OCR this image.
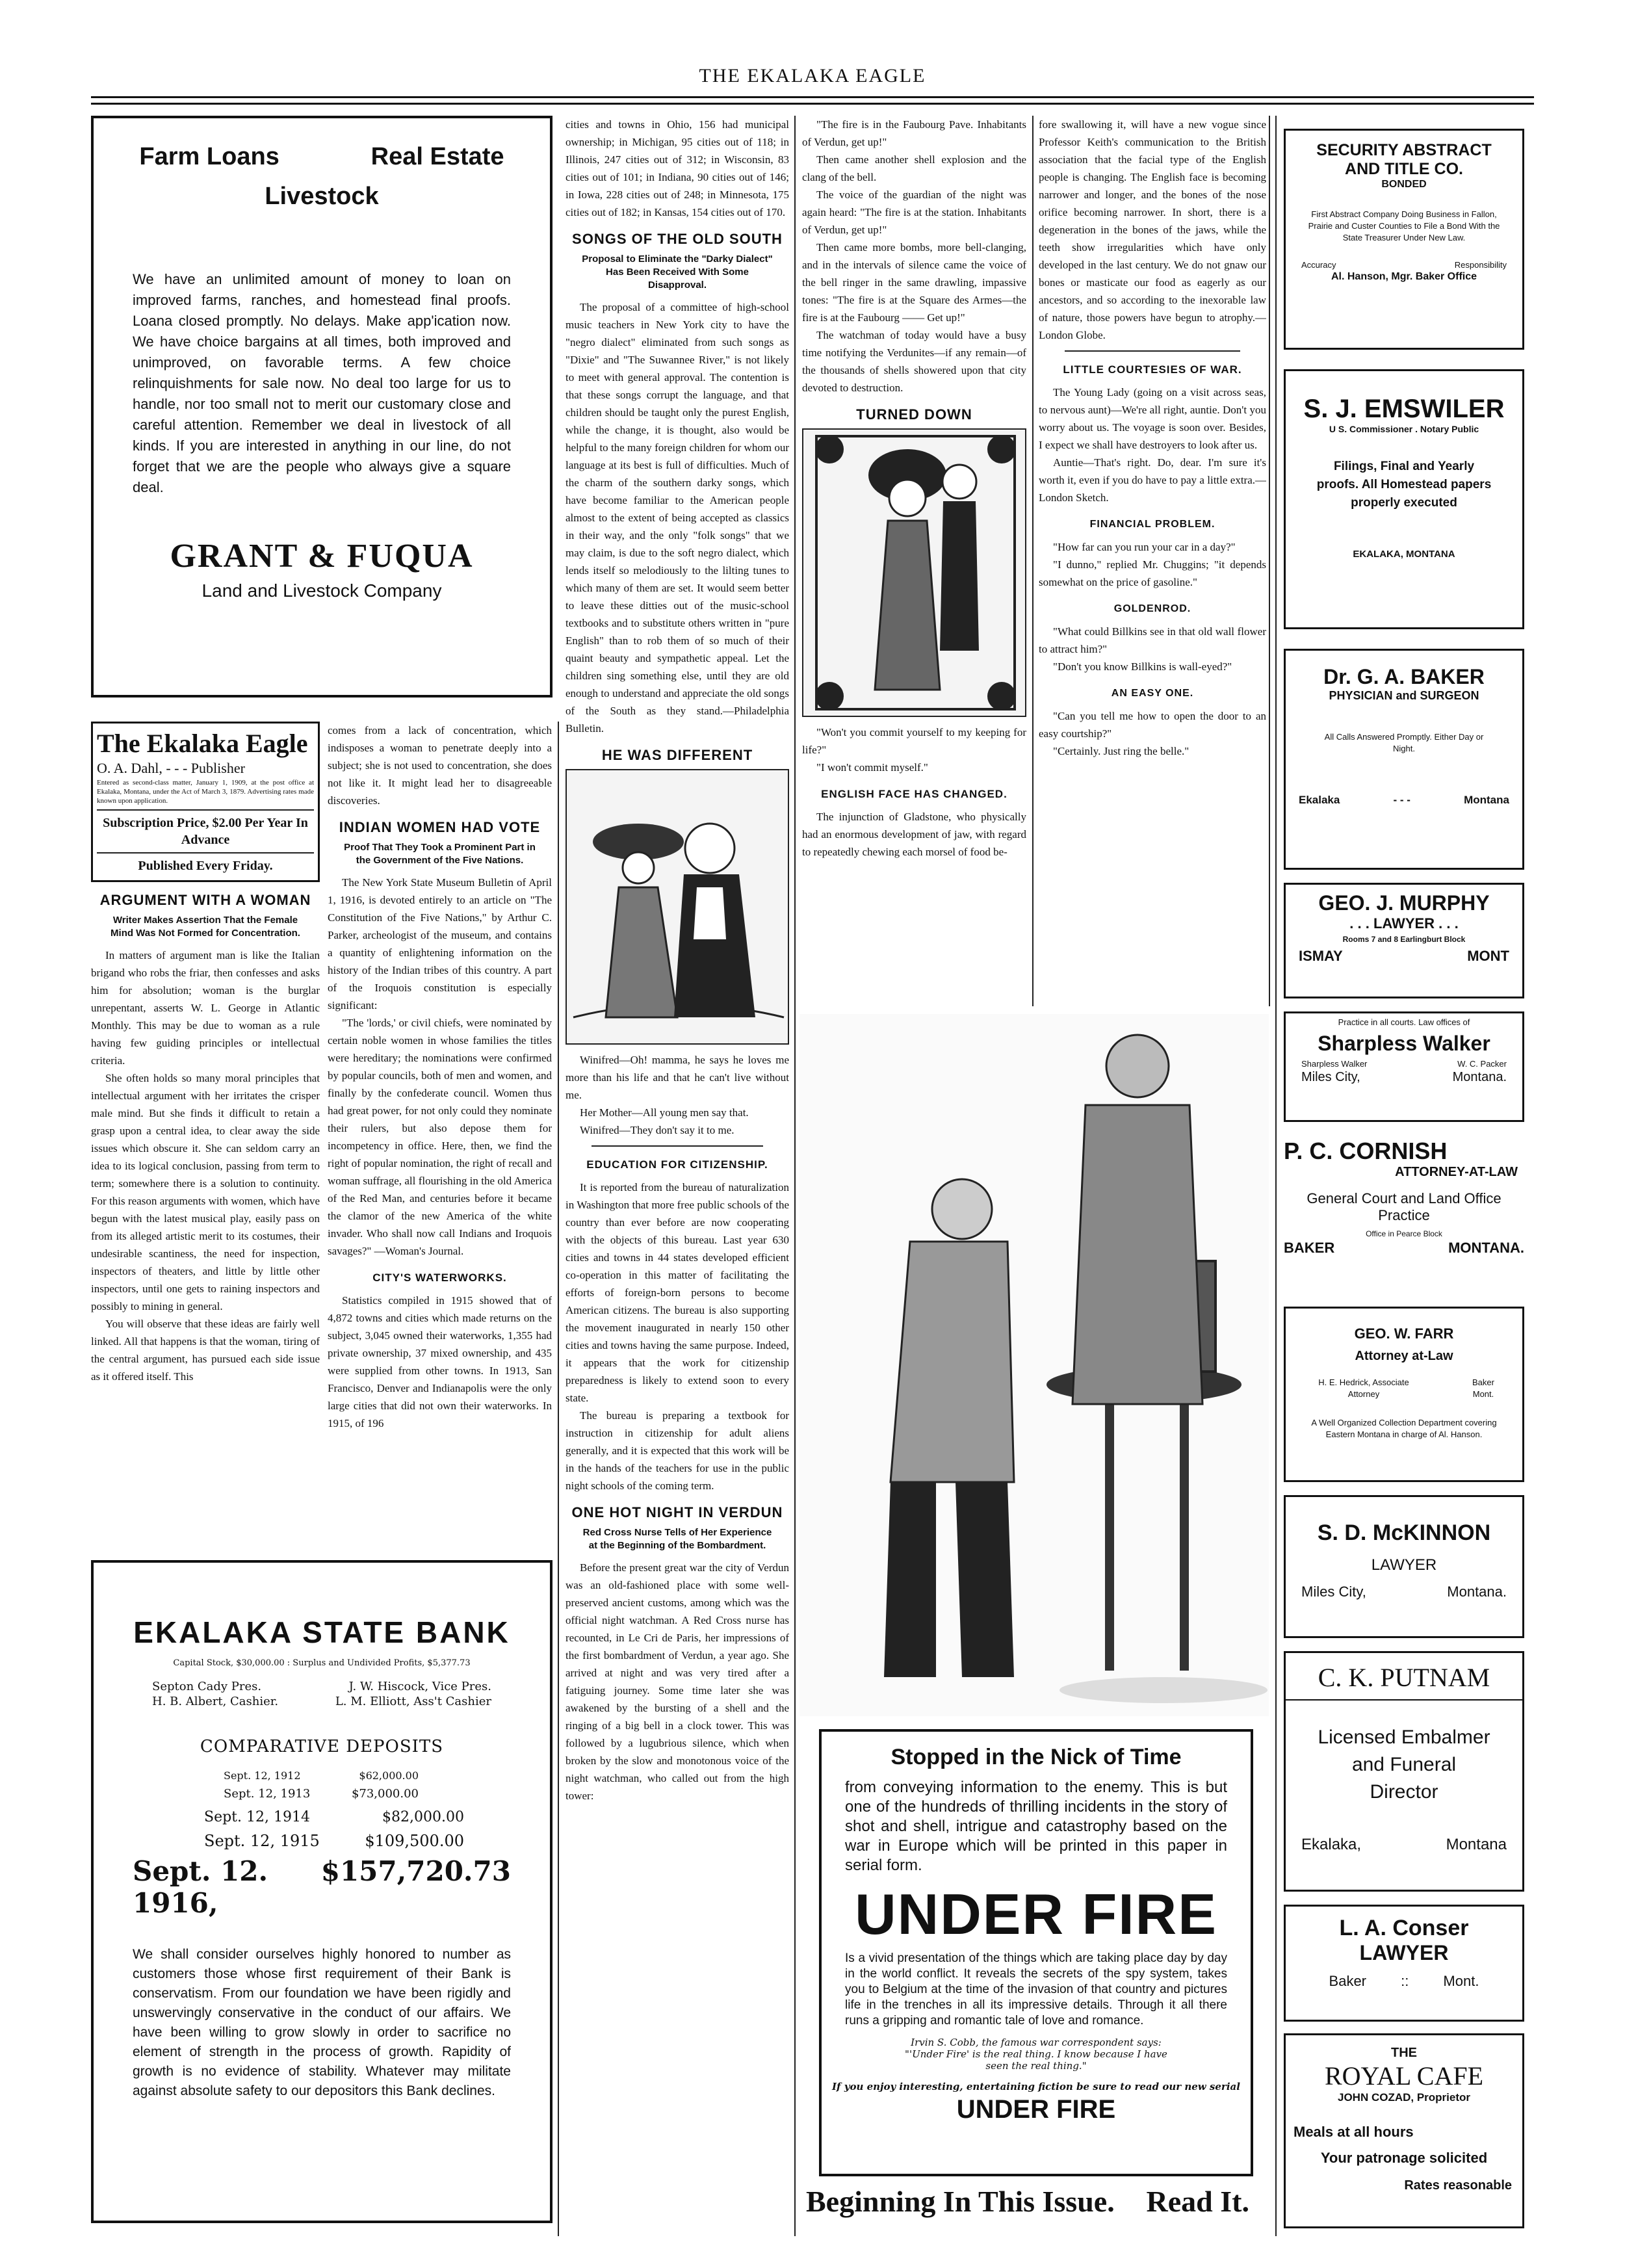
THE EKALAKA EAGLE
Farm Loans	Real Estate
Livestock
We have an unlimited amount of money to loan on improved farms, ranches, and homestead final proofs. Loana closed promptly. No delays. Make app'ication now. We have choice bargains at all times, both improved and unimproved, on favorable terms. A few choice relinquishments for sale now. No deal too large for us to handle, nor too small not to merit our customary close and careful attention. Remember we deal in livestock of all kinds. If you are interested in anything in our line, do not forget that we are the people who always give a square deal.
GRANT & FUQUA
Land and Livestock Company
The Ekalaka Eagle
O. A. Dahl, - - - Publisher
Entered as second-class matter, January 1, 1909, at the post office at Ekalaka, Montana, under the Act of March 3, 1879. Advertising rates made known upon application.
Subscription Price, $2.00 Per Year In Advance
Published Every Friday.
ARGUMENT WITH A WOMAN
Writer Makes Assertion That the Female Mind Was Not Formed for Concentration.

In matters of argument man is like the Italian brigand who robs the friar, then confesses and asks him for absolution; woman is the burglar unrepentant, asserts W. L. George in Atlantic Monthly. This may be due to woman as a rule having few guiding principles or intellectual criteria.

She often holds so many moral principles that intellectual argument with her irritates the crisper male mind. But she finds it difficult to retain a grasp upon a central idea, to clear away the side issues which obscure it. She can seldom carry an idea to its logical conclusion, passing from term to term; somewhere there is a solution to continuity. For this reason arguments with women, which have begun with the latest musical play, easily pass on from its alleged artistic merit to its costumes, their undesirable scantiness, the need for inspection, inspectors of theaters, and little by little other inspectors, until one gets to raining inspectors and possibly to mining in general.

You will observe that these ideas are fairly well linked. All that happens is that the woman, tiring of the central argument, has pursued each side issue as it offered itself. This

EKALAKA STATE BANK
Capital Stock, $30,000.00 : Surplus and Undivided Profits, $5,377.73
Septon Cady Pres.	J. W. Hiscock, Vice Pres.
H. B. Albert, Cashier.	L. M. Elliott, Ass't Cashier
COMPARATIVE DEPOSITS
Sept. 12, 1912	$62,000.00
Sept. 12, 1913	$73,000.00
Sept. 12, 1914	$82,000.00
Sept. 12, 1915	$109,500.00
Sept. 12. 1916,
$157,720.73
We shall consider ourselves highly honored to number as customers those whose first requirement of their Bank is conservatism. From our foundation we have been rigidly and unswervingly conservative in the conduct of our affairs. We have been willing to grow slowly in order to sacrifice no element of strength in the process of growth. Rapidity of growth is no evidence of stability. Whatever may militate against absolute safety to our depositors this Bank declines.

comes from a lack of concentration, which indisposes a woman to penetrate deeply into a subject; she is not used to concentration, she does not like it. It might lead her to disagreeable discoveries.

INDIAN WOMEN HAD VOTE
Proof That They Took a Prominent Part in the Government of the Five Nations.

The New York State Museum Bulletin of April 1, 1916, is devoted entirely to an article on "The Constitution of the Five Nations," by Arthur C. Parker, archeologist of the museum, and contains a quantity of enlightening information on the history of the Indian tribes of this country. A part of the Iroquois constitution is especially significant:

"The 'lords,' or civil chiefs, were nominated by certain noble women in whose families the titles were hereditary; the nominations were confirmed by popular councils, both of men and women, and finally by the confederate council. Women thus had great power, for not only could they nominate their rulers, but also depose them for incompetency in office. Here, then, we find the right of popular nomination, the right of recall and woman suffrage, all flourishing in the old America of the Red Man, and centuries before it became the clamor of the new America of the white invader. Who shall now call Indians and Iroquois savages?" —Woman's Journal.

CITY'S WATERWORKS.

Statistics compiled in 1915 showed that of 4,872 towns and cities which made returns on the subject, 3,045 owned their waterworks, 1,355 had private ownership, 37 mixed ownership, and 435 were supplied from other towns. In 1913, San Francisco, Denver and Indianapolis were the only large cities that did not own their waterworks. In 1915, of 196

cities and towns in Ohio, 156 had municipal ownership; in Michigan, 95 cities out of 118; in Illinois, 247 cities out of 312; in Wisconsin, 83 cities out of 101; in Indiana, 90 cities out of 146; in Iowa, 228 cities out of 248; in Minnesota, 175 cities out of 182; in Kansas, 154 cities out of 170.

SONGS OF THE OLD SOUTH
Proposal to Eliminate the "Darky Dialect" Has Been Received With Some Disapproval.

The proposal of a committee of high-school music teachers in New York city to have the "negro dialect" eliminated from such songs as "Dixie" and "The Suwannee River," is not likely to meet with general approval. The contention is that these songs corrupt the language, and that children should be taught only the purest English, while the change, it is thought, also would be helpful to the many foreign children for whom our language at its best is full of difficulties. Much of the charm of the southern darky songs, which have become familiar to the American people almost to the extent of being accepted as classics in their way, and the only "folk songs" that we may claim, is due to the soft negro dialect, which lends itself so melodiously to the lilting tunes to which many of them are set. It would seem better to leave these ditties out of the music-school textbooks and to substitute others written in "pure English" than to rob them of so much of their quaint beauty and sympathetic appeal. Let the children sing something else, until they are old enough to understand and appreciate the old songs of the South as they stand.—Philadelphia Bulletin.

HE WAS DIFFERENT

Winifred—Oh! mamma, he says he loves me more than his life and that he can't live without me.

Her Mother—All young men say that.

Winifred—They don't say it to me.

EDUCATION FOR CITIZENSHIP.

It is reported from the bureau of naturalization in Washington that more free public schools of the country than ever before are now cooperating with the objects of this bureau. Last year 630 cities and towns in 44 states developed efficient co-operation in this matter of facilitating the efforts of foreign-born persons to become American citizens. The bureau is also supporting the movement inaugurated in nearly 150 other cities and towns having the same purpose. Indeed, it appears that the work for citizenship preparedness is likely to extend soon to every state.

The bureau is preparing a textbook for instruction in citizenship for adult aliens generally, and it is expected that this work will be in the hands of the teachers for use in the public night schools of the coming term.

ONE HOT NIGHT IN VERDUN
Red Cross Nurse Tells of Her Experience at the Beginning of the Bombardment.

Before the present great war the city of Verdun was an old-fashioned place with some well-preserved ancient customs, among which was the official night watchman. A Red Cross nurse has recounted, in Le Cri de Paris, her impressions of the first bombardment of Verdun, a year ago. She arrived at night and was very tired after a fatiguing journey. Some time later she was awakened by the bursting of a shell and the ringing of a big bell in a clock tower. This was followed by a lugubrious silence, which when broken by the slow and monotonous voice of the night watchman, who called out from the high tower:

"The fire is in the Faubourg Pave. Inhabitants of Verdun, get up!"

Then came another shell explosion and the clang of the bell.

The voice of the guardian of the night was again heard: "The fire is at the station. Inhabitants of Verdun, get up!"

Then came more bombs, more bell-clanging, and in the intervals of silence came the voice of the bell ringer in the same drawling, impassive tones: "The fire is at the Square des Armes—the fire is at the Faubourg —— Get up!"

The watchman of today would have a busy time notifying the Verdunites—if any remain—of the thousands of shells showered upon that city devoted to destruction.

TURNED DOWN

"Won't you commit yourself to my keeping for life?"

"I won't commit myself."

ENGLISH FACE HAS CHANGED.

The injunction of Gladstone, who physically had an enormous development of jaw, with regard to repeatedly chewing each morsel of food be-

fore swallowing it, will have a new vogue since Professor Keith's communication to the British association that the facial type of the English people is changing. The English face is becoming narrower and longer, and the bones of the nose orifice becoming narrower. In short, there is a degeneration in the bones of the jaws, while the teeth show irregularities which have only developed in the last century. We do not gnaw our bones or masticate our food as eagerly as our ancestors, and so according to the inexorable law of nature, those powers have begun to atrophy.—London Globe.

LITTLE COURTESIES OF WAR.

The Young Lady (going on a visit across seas, to nervous aunt)—We're all right, auntie. Don't you worry about us. The voyage is soon over. Besides, I expect we shall have destroyers to look after us.

Auntie—That's right. Do, dear. I'm sure it's worth it, even if you do have to pay a little extra.—London Sketch.

FINANCIAL PROBLEM.

"How far can you run your car in a day?"

"I dunno," replied Mr. Chuggins; "it depends somewhat on the price of gasoline."

GOLDENROD.

"What could Billkins see in that old wall flower to attract him?"

"Don't you know Billkins is wall-eyed?"

AN EASY ONE.

"Can you tell me how to open the door to an easy courtship?"

"Certainly. Just ring the belle."

Stopped in the Nick of Time
from conveying information to the enemy. This is but one of the hundreds of thrilling incidents in the story of shot and shell, intrigue and catastrophy based on the war in Europe which will be printed in this paper in serial form.
UNDER FIRE
Is a vivid presentation of the things which are taking place day by day in the world conflict. It reveals the secrets of the spy system, takes you to Belgium at the time of the invasion of that country and pictures life in the trenches in all its impressive details. Through it all there runs a gripping and romantic tale of love and romance.
Irvin S. Cobb, the famous war correspondent says:
"'Under Fire' is the real thing. I know because I have seen the real thing."
If you enjoy interesting, entertaining fiction be sure to read our new serial
UNDER FIRE
Beginning In This Issue. Read It.
SECURITY ABSTRACT
AND TITLE CO.
BONDED
First Abstract Company Doing Business in Fallon, Prairie and Custer Counties to File a Bond With the State Treasurer Under New Law.
Accuracy	Responsibility
Al. Hanson, Mgr. Baker Office
S. J. EMSWILER
U S. Commissioner . Notary Public
Filings, Final and Yearly proofs. All Homestead papers properly executed
EKALAKA, MONTANA
Dr. G. A. BAKER
PHYSICIAN and SURGEON
All Calls Answered Promptly. Either Day or Night.
Ekalaka	- - -	Montana
GEO. J. MURPHY
. . . LAWYER . . .
Rooms 7 and 8 Earlingburt Block
ISMAY	MONT
Practice in all courts. Law offices of
Sharpless Walker
Sharpless Walker	W. C. Packer
Miles City,	Montana.
P. C. CORNISH
ATTORNEY-AT-LAW
General Court and Land Office Practice
Office in Pearce Block
BAKER	MONTANA.
GEO. W. FARR
Attorney at-Law
H. E. Hedrick, Associate Attorney
Baker Mont.
A Well Organized Collection Department covering Eastern Montana in charge of Al. Hanson.
S. D. McKINNON
LAWYER
Miles City,	Montana.
C. K. PUTNAM
Licensed Embalmer
and Funeral
Director
Ekalaka,	Montana
L. A. Conser
LAWYER
Baker :: Mont.
THE
ROYAL CAFE
JOHN COZAD, Proprietor
Meals at all hours
Your patronage solicited
Rates reasonable
